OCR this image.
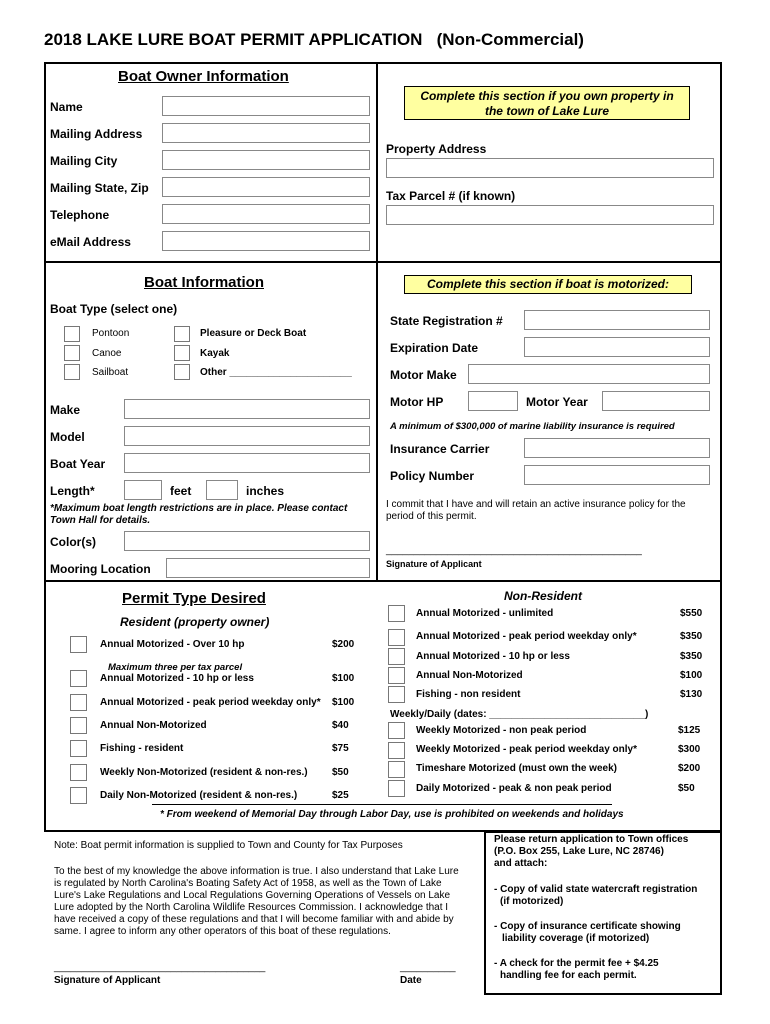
2018 LAKE LURE BOAT PERMIT APPLICATION   (Non-Commercial)
Boat Owner Information
Name
Mailing Address
Mailing City
Mailing State, Zip
Telephone
eMail Address
Complete this section if you own property in the town of Lake Lure
Property Address
Tax Parcel # (if known)
Boat Information
Boat Type (select one)
Pontoon
Canoe
Sailboat
Pleasure or Deck Boat
Kayak
Other ______________________
Make
Model
Boat Year
Length*	feet	inches
*Maximum boat length restrictions are in place. Please contact Town Hall for details.
Color(s)
Mooring Location
Complete this section if boat is motorized:
State Registration #
Expiration Date
Motor Make
Motor HP	Motor Year
A minimum of $300,000 of marine liability insurance is required
Insurance Carrier
Policy Number
I commit that I have and will retain an active insurance policy for the period of this permit.
______________________________________________
Signature of Applicant
Permit Type Desired
Resident (property owner)
Annual Motorized - Over 10 hp	$200
Maximum three per tax parcel
Annual Motorized - 10 hp or less	$100
Annual Motorized - peak period weekday only* $100
Annual Non-Motorized	$40
Fishing - resident	$75
Weekly Non-Motorized (resident & non-res.) $50
Daily Non-Motorized (resident & non-res.)	$25
Non-Resident
Annual Motorized - unlimited	$550
Annual Motorized - peak period weekday only*	$350
Annual Motorized - 10 hp or less	$350
Annual Non-Motorized	$100
Fishing - non resident	$130
Weekly/Daily (dates: ____________________________)
Weekly Motorized - non peak period	$125
Weekly Motorized - peak period weekday only*	$300
Timeshare Motorized (must own the week)	$200
Daily Motorized - peak & non peak period	$50
* From weekend of Memorial Day through Labor Day, use is prohibited on weekends and holidays
Note: Boat permit information is supplied to Town and County for Tax Purposes
To the best of my knowledge the above information is true. I also understand that Lake Lure is regulated by North Carolina's Boating Safety Act of 1958, as well as the Town of Lake Lure's Lake Regulations and Local Regulations Governing Operations of Vessels on Lake Lure adopted by the North Carolina Wildlife Resources Commission. I acknowledge that I have received a copy of these regulations and that I will become familiar with and abide by same. I agree to inform any other operators of this boat of these regulations.
______________________________________	__________
Signature of Applicant	Date
Please return application to Town offices
(P.O. Box 255, Lake Lure, NC 28746)
and attach:
- Copy of valid state watercraft registration
(if motorized)
- Copy of insurance certificate showing
liability coverage (if motorized)
- A check for the permit fee + $4.25
handling fee for each permit.
